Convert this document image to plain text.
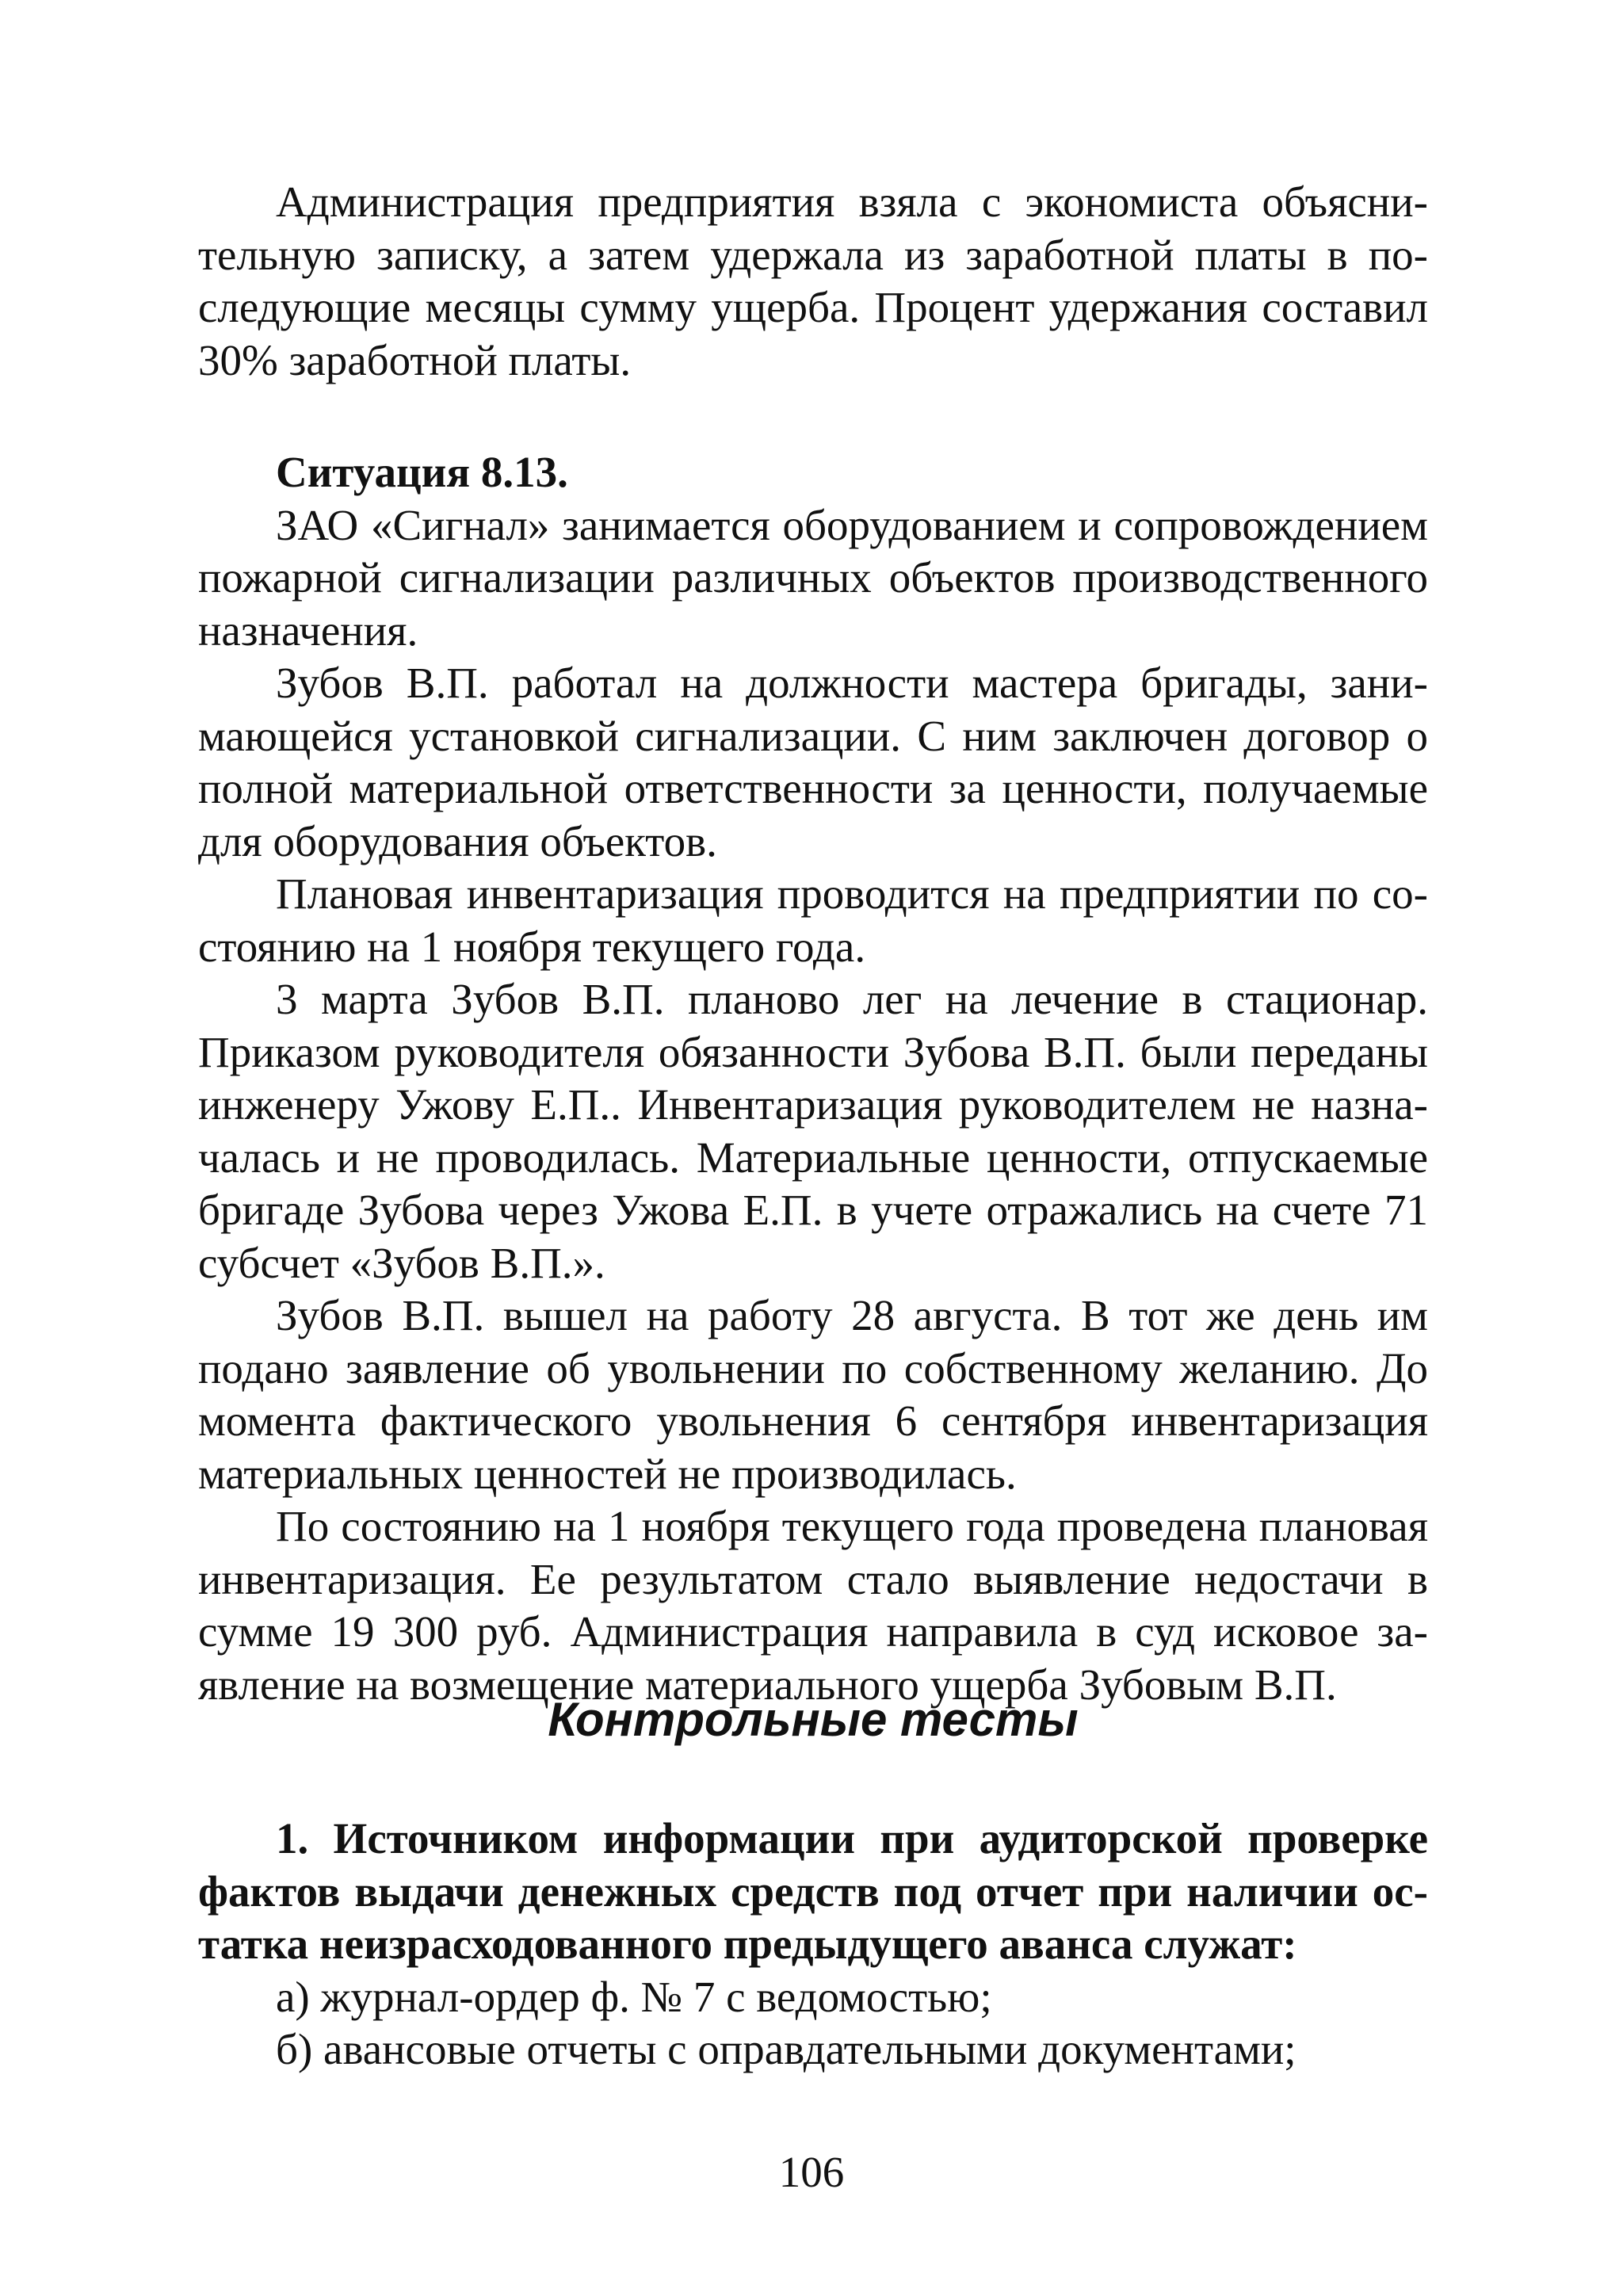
Администрация предприятия взяла с экономиста объяснительную записку, а затем удержала из заработной платы в последующие месяцы сумму ущерба. Процент удержания составил 30% заработной платы.

Ситуация 8.13.

ЗАО «Сигнал» занимается оборудованием и сопровождением пожарной сигнализации различных объектов производственного назначения.

Зубов В.П. работал на должности мастера бригады, занимающейся установкой сигнализации. С ним заключен договор о полной материальной ответственности за ценности, получаемые для оборудования объектов.

Плановая инвентаризация проводится на предприятии по состоянию на 1 ноября текущего года.

3 марта Зубов В.П. планово лег на лечение в стационар. Приказом руководителя обязанности Зубова В.П. были переданы инженеру Ужову Е.П.. Инвентаризация руководителем не назначалась и не проводилась. Материальные ценности, отпускаемые бригаде Зубова через Ужова Е.П. в учете отражались на счете 71 субсчет «Зубов В.П.».

Зубов В.П. вышел на работу 28 августа. В тот же день им подано заявление об увольнении по собственному желанию. До момента фактического увольнения 6 сентября инвентаризация материальных ценностей не производилась.

По состоянию на 1 ноября текущего года проведена плановая инвентаризация. Ее результатом стало выявление недостачи в сумме 19 300 руб. Администрация направила в суд исковое заявление на возмещение материального ущерба Зубовым В.П.

Контрольные тесты

1. Источником информации при аудиторской проверке фактов выдачи денежных средств под отчет при наличии остатка неизрасходованного предыдущего аванса служат:

а) журнал-ордер ф. № 7 с ведомостью;

б) авансовые отчеты с оправдательными документами;

106
